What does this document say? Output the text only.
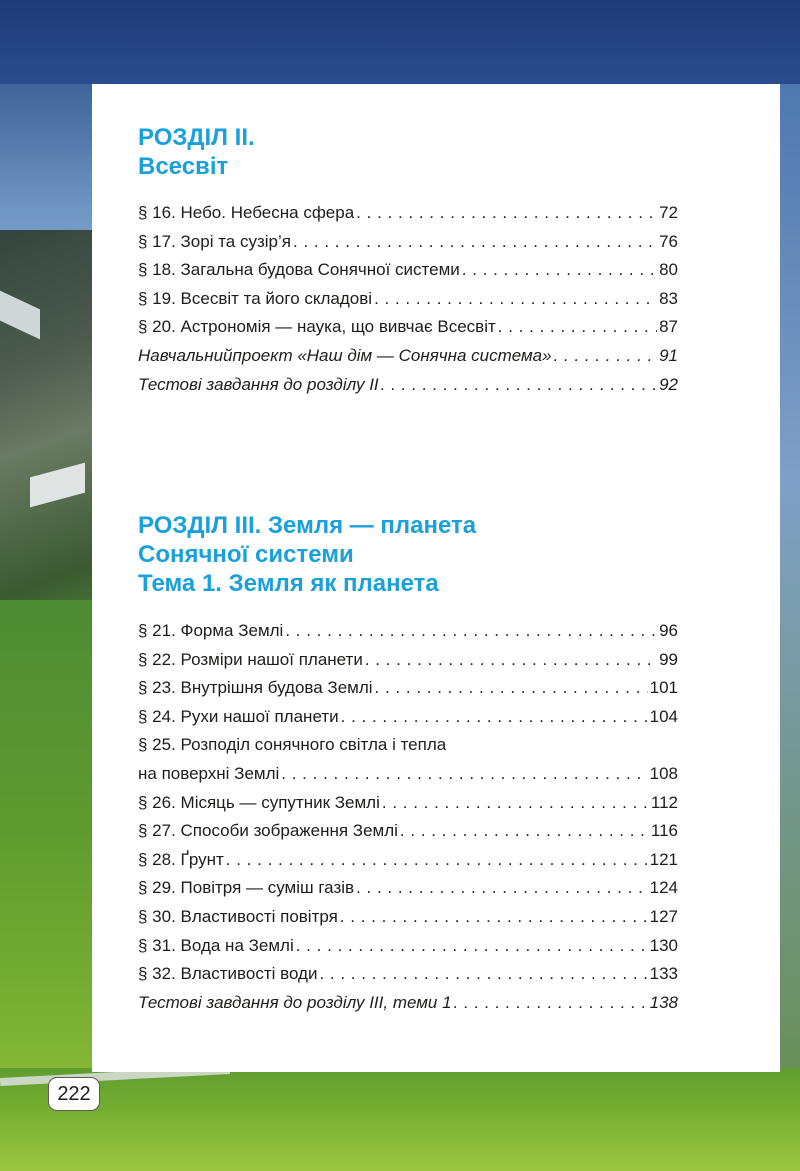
РОЗДІЛ II.
Всесвіт
§ 16. Небо. Небесна сфера . . .	72
§ 17. Зорі та сузір’я . . .	76
§ 18. Загальна будова Сонячної системи . . .	80
§ 19. Всесвіт та його складові . . .	83
§ 20. Астрономія — наука, що вивчає Всесвіт . . .	87
Навчальнийпроект «Наш дім — Сонячна система» . . .	91
Тестові завдання до розділу II . . .	92
РОЗДІЛ III. Земля — планета
Сонячної системи
Тема 1. Земля як планета
§ 21. Форма Землі . . .	96
§ 22. Розміри нашої планети . . .	99
§ 23. Внутрішня будова Землі . . .	101
§ 24. Рухи нашої планети . . .	104
§ 25. Розподіл сонячного світла і тепла
на поверхні Землі . . .	108
§ 26. Місяць — супутник Землі . . .	112
§ 27. Способи зображення Землі . . .	116
§ 28. Ґрунт . . .	121
§ 29. Повітря — суміш газів . . .	124
§ 30. Властивості повітря . . .	127
§ 31. Вода на Землі . . .	130
§ 32. Властивості води . . .	133
Тестові завдання до розділу III, теми 1 . . .	138
222
